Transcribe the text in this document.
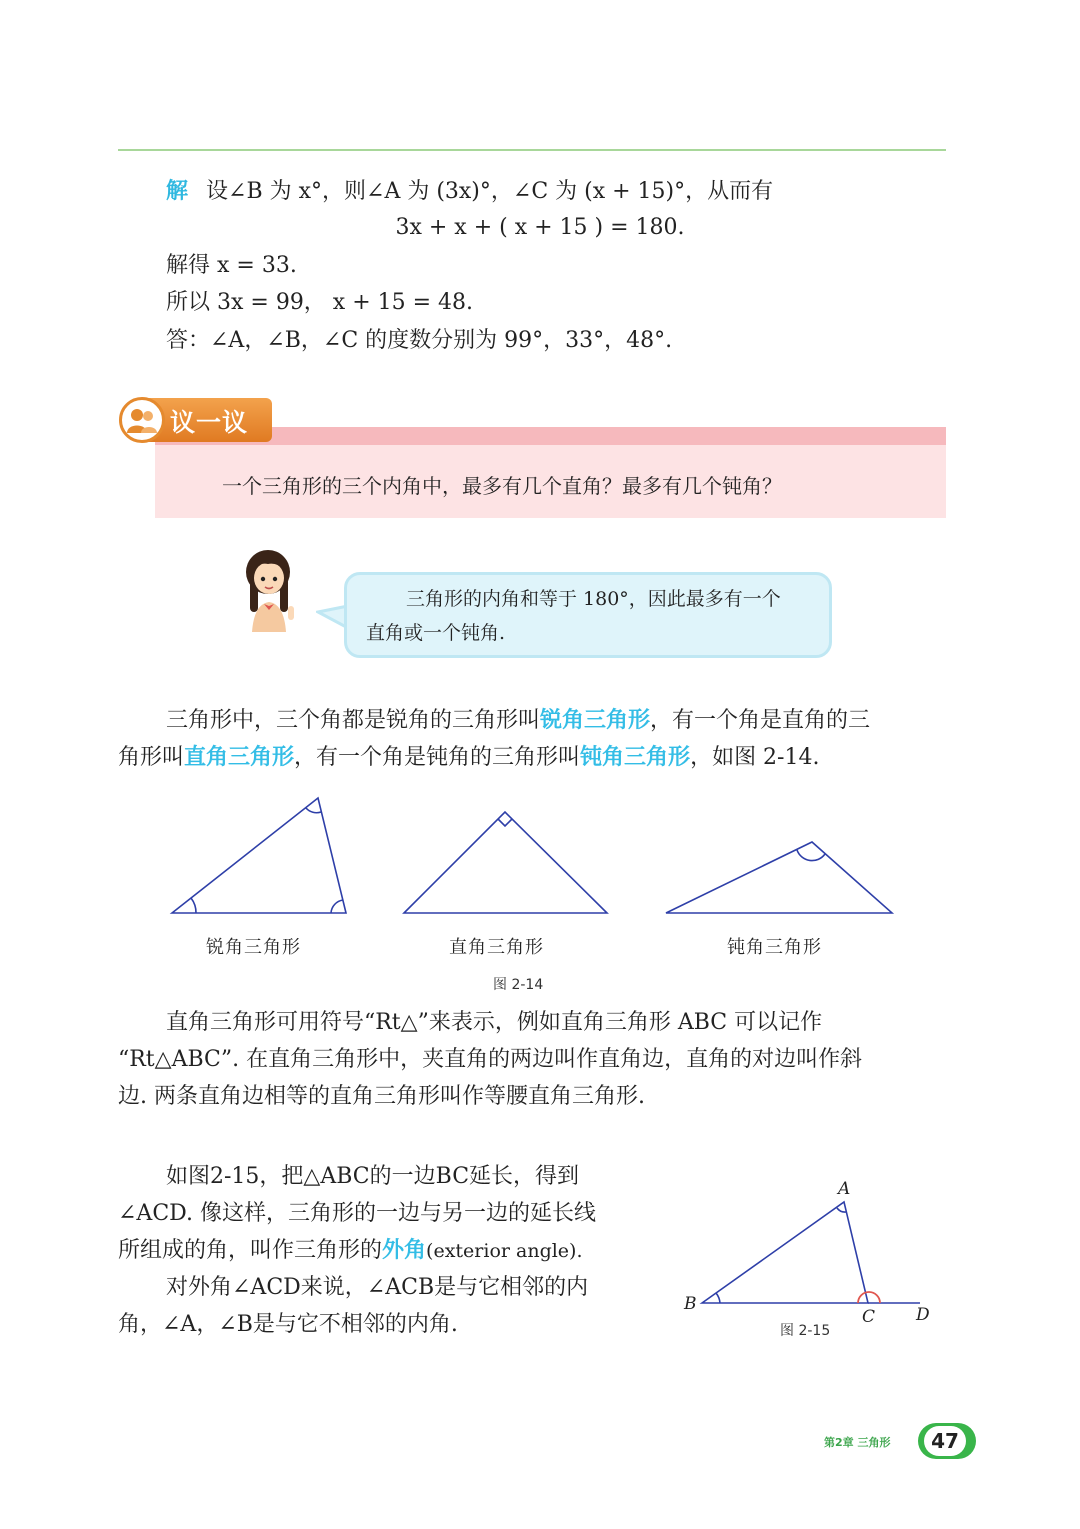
解 设∠B 为 x°，则∠A 为 (3x)°，∠C 为 (x + 15)°，从而有
3x + x + ( x + 15 ) = 180.
解得 x = 33.
所以 3x = 99， x + 15 = 48.
答：∠A，∠B，∠C 的度数分别为 99°，33°，48°.
议一议
一个三角形的三个内角中，最多有几个直角？最多有几个钝角？
三角形的内角和等于 180°，因此最多有一个
直角或一个钝角.
三角形中，三个角都是锐角的三角形叫锐角三角形，有一个角是直角的三
角形叫直角三角形，有一个角是钝角的三角形叫钝角三角形，如图 2-14.
锐角三角形	直角三角形	钝角三角形
图 2-14
直角三角形可用符号“Rt△”来表示，例如直角三角形 ABC 可以记作
“Rt△ABC”. 在直角三角形中，夹直角的两边叫作直角边，直角的对边叫作斜
边. 两条直角边相等的直角三角形叫作等腰直角三角形.
如图2-15，把△ABC的一边BC延长，得到
∠ACD. 像这样，三角形的一边与另一边的延长线
所组成的角，叫作三角形的外角(exterior angle).
对外角∠ACD来说，∠ACB是与它相邻的内
角，∠A，∠B是与它不相邻的内角.
A
B
C D
图 2-15
第2章 三角形	47
